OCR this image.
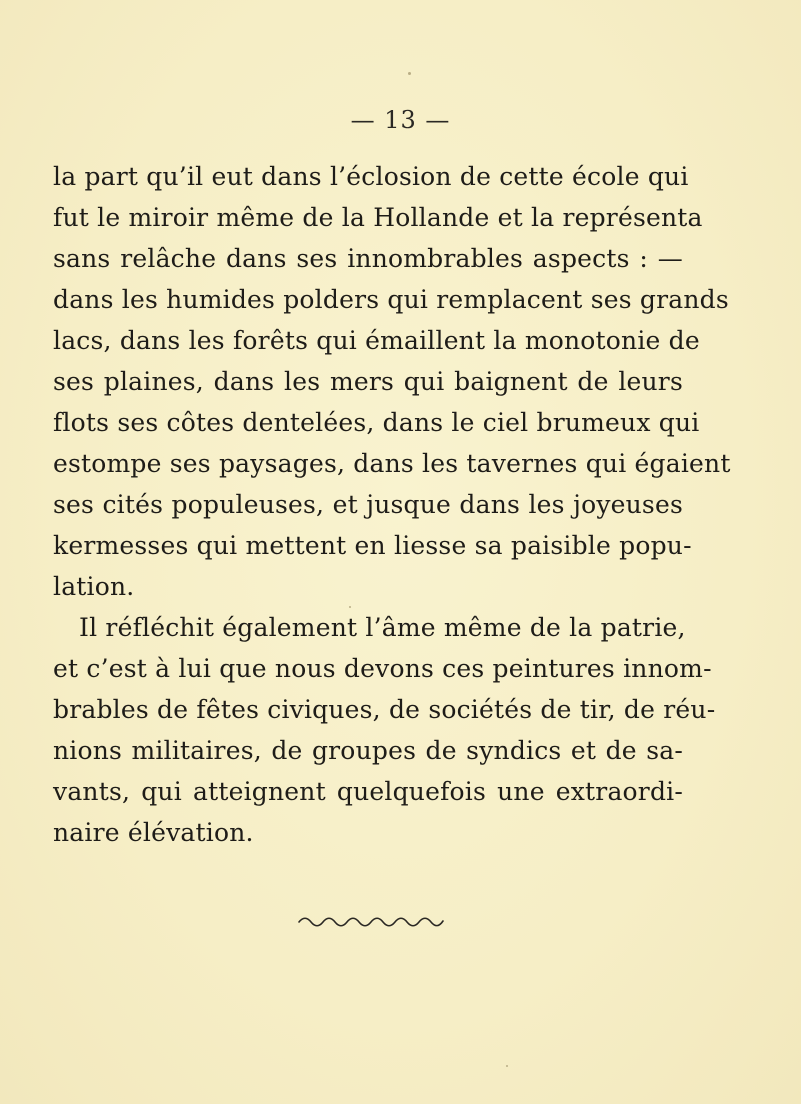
— 13 —
la part qu’il eut dans l’éclosion de cette école qui
fut le miroir même de la Hollande et la représenta
sans relâche dans ses innombrables aspects : —
dans les humides polders qui remplacent ses grands
lacs, dans les forêts qui émaillent la monotonie de
ses plaines, dans les mers qui baignent de leurs
flots ses côtes dentelées, dans le ciel brumeux qui
estompe ses paysages, dans les tavernes qui égaient
ses cités populeuses, et jusque dans les joyeuses
kermesses qui mettent en liesse sa paisible popu-
lation.
Il réfléchit également l’âme même de la patrie,
et c’est à lui que nous devons ces peintures innom-
brables de fêtes civiques, de sociétés de tir, de réu-
nions militaires, de groupes de syndics et de sa-
vants, qui atteignent quelquefois une extraordi-
naire élévation.
